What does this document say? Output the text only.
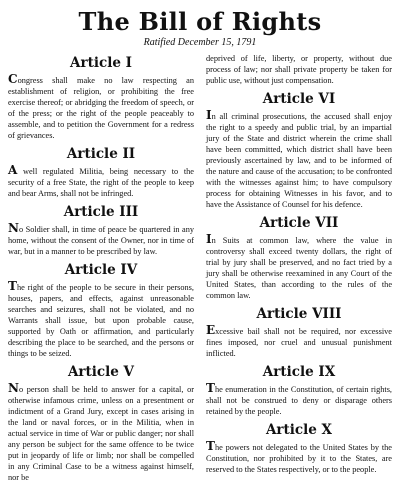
The Bill of Rights
Ratified December 15, 1791
Article I

Congress shall make no law respecting an establishment of religion, or prohibiting the free exercise thereof; or abridging the freedom of speech, or of the press; or the right of the people peaceably to assemble, and to petition the Government for a redress of grievances.

Article II

A well regulated Militia, being necessary to the security of a free State, the right of the people to keep and bear Arms, shall not be infringed.

Article III

No Soldier shall, in time of peace be quartered in any home, without the consent of the Owner, nor in time of war, but in a manner to be prescribed by law.

Article IV

The right of the people to be secure in their persons, houses, papers, and effects, against unreasonable searches and seizures, shall not be violated, and no Warrants shall issue, but upon probable cause, supported by Oath or affirmation, and particularly describing the place to be searched, and the persons or things to be seized.

Article V

No person shall be held to answer for a capital, or otherwise infamous crime, unless on a presentment or indictment of a Grand Jury, except in cases arising in the land or naval forces, or in the Militia, when in actual service in time of War or public danger; nor shall any person be subject for the same offence to be twice put in jeopardy of life or limb; nor shall be compelled in any Criminal Case to be a witness against himself, nor be

deprived of life, liberty, or property, without due process of law; nor shall private property be taken for public use, without just compensation.

Article VI

In all criminal prosecutions, the accused shall enjoy the right to a speedy and public trial, by an impartial jury of the State and district wherein the crime shall have been committed, which district shall have been previously ascertained by law, and to be informed of the nature and cause of the accusation; to be confronted with the witnesses against him; to have compulsory process for obtaining Witnesses in his favor, and to have the Assistance of Counsel for his defence.

Article VII

In Suits at common law, where the value in controversy shall exceed twenty dollars, the right of trial by jury shall be preserved, and no fact tried by a jury shall be otherwise reexamined in any Court of the United States, than according to the rules of the common law.

Article VIII

Excessive bail shall not be required, nor excessive fines imposed, nor cruel and unusual punishment inflicted.

Article IX

The enumeration in the Constitution, of certain rights, shall not be construed to deny or disparage others retained by the people.

Article X

The powers not delegated to the United States by the Constitution, nor prohibited by it to the States, are reserved to the States respectively, or to the people.
